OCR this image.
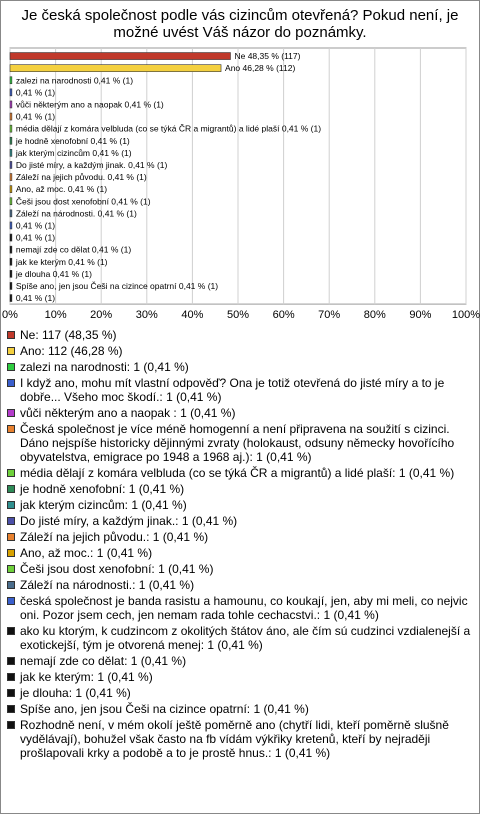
Je česká společnost podle vás cizincům otevřená? Pokud není, je možné uvést Váš názor do poznámky.
Ne 48,35 % (117)
Ano 46,28 % (112)
zalezi na narodnosti 0,41 % (1)
0,41 % (1)
vůči některým ano a naopak 0,41 % (1)
0,41 % (1)
média dělají z komára velbluda (co se týká ČR a migrantů) a lidé plaší 0,41 % (1)
je hodně xenofobní 0,41 % (1)
jak kterým cizincům 0,41 % (1)
Do jisté míry, a každým jinak. 0,41 % (1)
Záleží na jejich původu. 0,41 % (1)
Ano, až moc. 0,41 % (1)
Češi jsou dost xenofobní 0,41 % (1)
Záleží na národnosti. 0,41 % (1)
0,41 % (1)
0,41 % (1)
nemají zde co dělat 0,41 % (1)
jak ke kterým 0,41 % (1)
je dlouha 0,41 % (1)
Spíše ano, jen jsou Češi na cizince opatrní 0,41 % (1)
0,41 % (1)
0% 10% 20% 30% 40% 50% 60% 70% 80% 90% 100%
Ne: 117 (48,35 %)
Ano: 112 (46,28 %)
zalezi na narodnosti: 1 (0,41 %)
I když ano, mohu mít vlastní odpověď? Ona je totiž otevřená do jisté míry a to je dobře... Všeho moc škodí.: 1 (0,41 %)
vůči některým ano a naopak : 1 (0,41 %)
Česká společnost je více méně homogenní a není připravena na soužití s cizinci. Dáno nejspíše historicky dějinnými zvraty (holokaust, odsuny německy hovořícího obyvatelstva, emigrace po 1948 a 1968 aj.): 1 (0,41 %)
média dělají z komára velbluda (co se týká ČR a migrantů) a lidé plaší: 1 (0,41 %)
je hodně xenofobní: 1 (0,41 %)
jak kterým cizincům: 1 (0,41 %)
Do jisté míry, a každým jinak.: 1 (0,41 %)
Záleží na jejich původu.: 1 (0,41 %)
Ano, až moc.: 1 (0,41 %)
Češi jsou dost xenofobní: 1 (0,41 %)
Záleží na národnosti.: 1 (0,41 %)
česká společnost je banda rasistu a hamounu, co koukají, jen, aby mi meli, co nejvic oni. Pozor jsem cech, jen nemam rada tohle cechacstvi.: 1 (0,41 %)
ako ku ktorým, k cudzincom z okolitých štátov áno, ale čím sú cudzinci vzdialenejší a exotickejší, tým je otvorená menej: 1 (0,41 %)
nemají zde co dělat: 1 (0,41 %)
jak ke kterým: 1 (0,41 %)
je dlouha: 1 (0,41 %)
Spíše ano, jen jsou Češi na cizince opatrní: 1 (0,41 %)
Rozhodně není, v mém okolí ještě poměrně ano (chytří lidi, kteří poměrně slušně vydělávají), bohužel však často na fb vídám výkřiky kretenů, kteří by nejraději prošlapovali krky a podobě a to je prostě hnus.: 1 (0,41 %)
